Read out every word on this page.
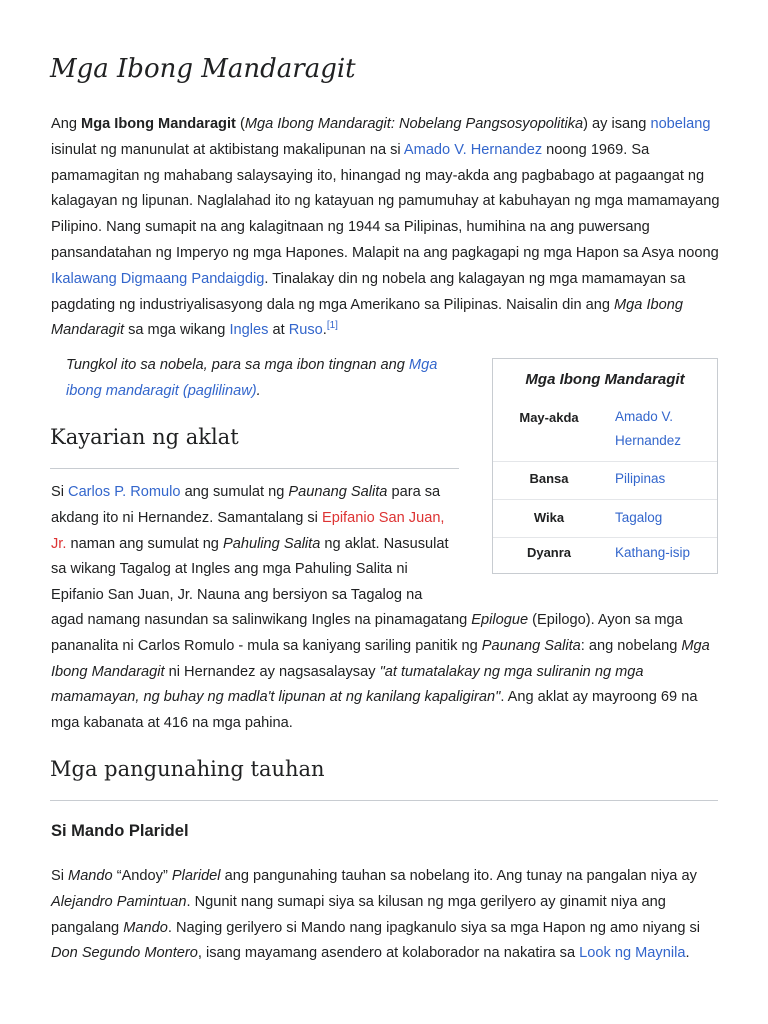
Mga Ibong Mandaragit

Ang Mga Ibong Mandaragit (Mga Ibong Mandaragit: Nobelang Pangsosyopolitika) ay isang nobelang isinulat ng manunulat at aktibistang makalipunan na si Amado V. Hernandez noong 1969. Sa pamamagitan ng mahabang salaysaying ito, hinangad ng may-akda ang pagbabago at pagaangat ng kalagayan ng lipunan. Naglalahad ito ng katayuan ng pamumuhay at kabuhayan ng mga mamamayang Pilipino. Nang sumapit na ang kalagitnaan ng 1944 sa Pilipinas, humihina na ang puwersang pansandatahan ng Imperyo ng mga Hapones. Malapit na ang pagkagapi ng mga Hapon sa Asya noong Ikalawang Digmaang Pandaigdig. Tinalakay din ng nobela ang kalagayan ng mga mamamayan sa pagdating ng industriyalisasyong dala ng mga Amerikano sa Pilipinas. Naisalin din ang Mga Ibong Mandaragit sa mga wikang Ingles at Ruso.[1]

Tungkol ito sa nobela, para sa mga ibon tingnan ang Mga ibong mandaragit (paglilinaw).

Mga Ibong Mandaragit
May-akda	Amado V. Hernandez
Bansa	Pilipinas
Wika	Tagalog
Dyanra	Kathang-isip
Kayarian ng aklat

Si Carlos P. Romulo ang sumulat ng Paunang Salita para sa akdang ito ni Hernandez. Samantalang si Epifanio San Juan,
Jr. naman ang sumulat ng Pahuling Salita ng aklat. Nasusulat sa wikang Tagalog at Ingles ang mga Pahuling Salita ni Epifanio San Juan, Jr. Nauna ang bersiyon sa Tagalog na

agad namang nasundan sa salinwikang Ingles na pinamagatang Epilogue (Epilogo). Ayon sa mga pananalita ni Carlos Romulo - mula sa kaniyang sariling panitik ng Paunang Salita: ang nobelang Mga Ibong Mandaragit ni Hernandez ay nagsasalaysay "at tumatalakay ng mga suliranin ng mga mamamayan, ng buhay ng madla't lipunan at ng kanilang kapaligiran". Ang aklat ay mayroong 69 na mga kabanata at 416 na mga pahina.

Mga pangunahing tauhan
Si Mando Plaridel

Si Mando “Andoy” Plaridel ang pangunahing tauhan sa nobelang ito. Ang tunay na pangalan niya ay Alejandro Pamintuan. Ngunit nang sumapi siya sa kilusan ng mga gerilyero ay ginamit niya ang pangalang Mando. Naging gerilyero si Mando nang ipagkanulo siya sa mga Hapon ng amo niyang si Don Segundo Montero, isang mayamang asendero at kolaborador na nakatira sa Look ng Maynila.
